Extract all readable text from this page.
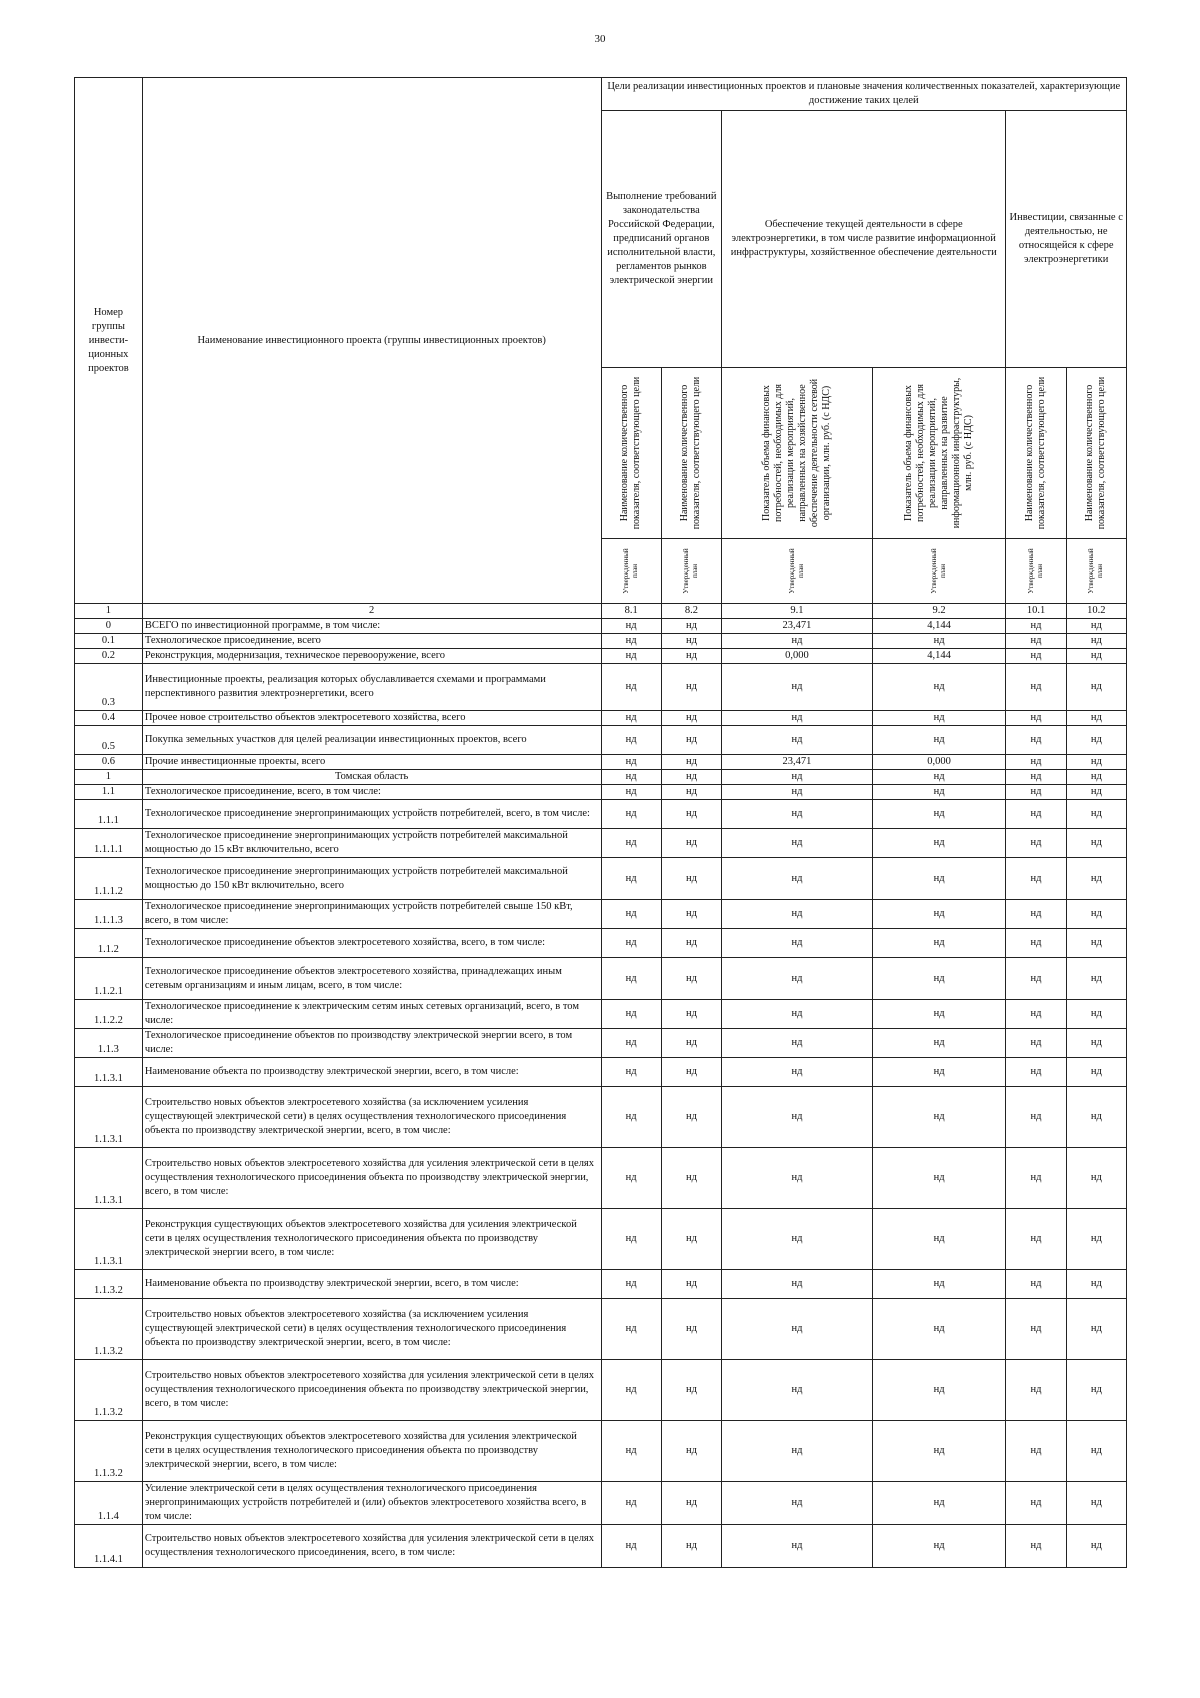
30
Номер группы инвести-ционных проектов	Наименование инвестиционного проекта (группы инвестиционных проектов)	Цели реализации инвестиционных проектов и плановые значения количественных показателей, характеризующие достижение таких целей					
		Выполнение требований законодательства Российской Федерации, предписаний органов исполнительной власти, регламентов рынков электрической энергии		Обеспечение текущей деятельности в сфере электроэнергетики, в том числе развитие информационной инфраструктуры, хозяйственное обеспечение деятельности		Инвестиции, связанные с деятельностью, не относящейся к сфере электроэнергетики	

		Наименование количественного показателя, соответствующего цели	Наименование количественного показателя, соответствующего цели	Показатель объема финансовых потребностей, необходимых для реализации мероприятий, направленных на хозяйственное обеспечение деятельности сетевой организации, млн. руб. (с НДС)	Показатель объема финансовых потребностей, необходимых для реализации мероприятий, направленных на развитие информационной инфраструктуры, млн. руб. (с НДС)	Наименование количественного показателя, соответствующего цели	Наименование количественного показателя, соответствующего цели

		Утвержденный план	Утвержденный план	Утвержденный план	Утвержденный план	Утвержденный план	Утвержденный план

1	2	8.1	8.2	9.1	9.2	10.1	10.2
0	ВСЕГО по инвестиционной программе, в том числе:	нд	нд	23,471	4,144	нд	нд
0.1	Технологическое присоединение, всего	нд	нд	нд	нд	нд	нд
0.2	Реконструкция, модернизация, техническое перевооружение, всего	нд	нд	0,000	4,144	нд	нд
0.3	Инвестиционные проекты, реализация которых обуславливается схемами и программами перспективного развития электроэнергетики, всего	нд	нд	нд	нд	нд	нд
0.4	Прочее новое строительство объектов электросетевого хозяйства, всего	нд	нд	нд	нд	нд	нд
0.5	Покупка земельных участков для целей реализации инвестиционных проектов, всего	нд	нд	нд	нд	нд	нд
0.6	Прочие инвестиционные проекты, всего	нд	нд	23,471	0,000	нд	нд
1	Томская область	нд	нд	нд	нд	нд	нд
1.1	Технологическое присоединение, всего, в том числе:	нд	нд	нд	нд	нд	нд
1.1.1	Технологическое присоединение энергопринимающих устройств потребителей, всего, в том числе:	нд	нд	нд	нд	нд	нд
1.1.1.1	Технологическое присоединение энергопринимающих устройств потребителей максимальной мощностью до 15 кВт включительно, всего	нд	нд	нд	нд	нд	нд
1.1.1.2	Технологическое присоединение энергопринимающих устройств потребителей максимальной мощностью до 150 кВт включительно, всего	нд	нд	нд	нд	нд	нд
1.1.1.3	Технологическое присоединение энергопринимающих устройств потребителей свыше 150 кВт, всего, в том числе:	нд	нд	нд	нд	нд	нд
1.1.2	Технологическое присоединение объектов электросетевого хозяйства, всего, в том числе:	нд	нд	нд	нд	нд	нд
1.1.2.1	Технологическое присоединение объектов электросетевого хозяйства, принадлежащих иным сетевым организациям и иным лицам, всего, в том числе:	нд	нд	нд	нд	нд	нд
1.1.2.2	Технологическое присоединение к электрическим сетям иных сетевых организаций, всего, в том числе:	нд	нд	нд	нд	нд	нд
1.1.3	Технологическое присоединение объектов по производству электрической энергии всего, в том числе:	нд	нд	нд	нд	нд	нд
1.1.3.1	Наименование объекта по производству электрической энергии, всего, в том числе:	нд	нд	нд	нд	нд	нд
1.1.3.1	Строительство новых объектов электросетевого хозяйства (за исключением усиления существующей электрической сети) в целях осуществления технологического присоединения объекта по производству электрической энергии, всего, в том числе:	нд	нд	нд	нд	нд	нд
1.1.3.1	Строительство новых объектов электросетевого хозяйства для усиления электрической сети в целях осуществления технологического присоединения объекта по производству электрической энергии, всего, в том числе:	нд	нд	нд	нд	нд	нд
1.1.3.1	Реконструкция существующих объектов электросетевого хозяйства для усиления электрической сети в целях осуществления технологического присоединения объекта по производству электрической энергии всего, в том числе:	нд	нд	нд	нд	нд	нд
1.1.3.2	Наименование объекта по производству электрической энергии, всего, в том числе:	нд	нд	нд	нд	нд	нд
1.1.3.2	Строительство новых объектов электросетевого хозяйства (за исключением усиления существующей электрической сети) в целях осуществления технологического присоединения объекта по производству электрической энергии, всего, в том числе:	нд	нд	нд	нд	нд	нд
1.1.3.2	Строительство новых объектов электросетевого хозяйства для усиления электрической сети в целях осуществления технологического присоединения объекта по производству электрической энергии, всего, в том числе:	нд	нд	нд	нд	нд	нд
1.1.3.2	Реконструкция существующих объектов электросетевого хозяйства для усиления электрической сети в целях осуществления технологического присоединения объекта по производству электрической энергии, всего, в том числе:	нд	нд	нд	нд	нд	нд
1.1.4	Усиление электрической сети в целях осуществления технологического присоединения энергопринимающих устройств потребителей и (или) объектов электросетевого хозяйства всего, в том числе:	нд	нд	нд	нд	нд	нд
1.1.4.1	Строительство новых объектов электросетевого хозяйства для усиления электрической сети в целях осуществления технологического присоединения, всего, в том числе:	нд	нд	нд	нд	нд	нд
